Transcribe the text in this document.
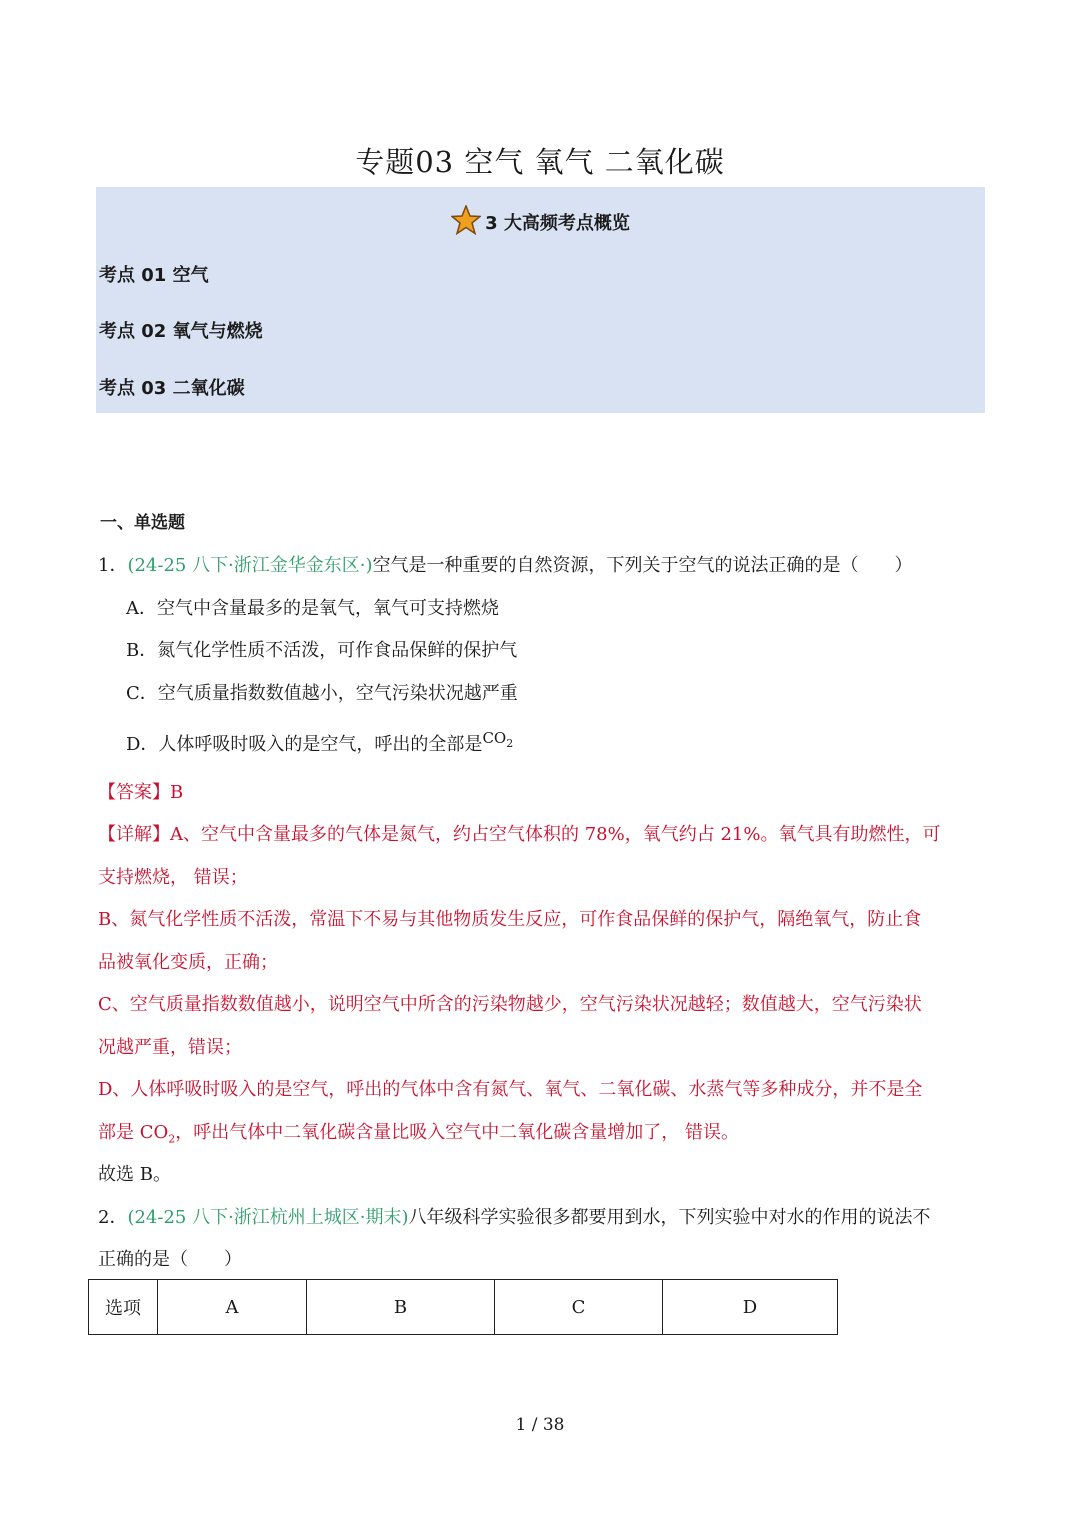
专题03 空气 氧气 二氧化碳
3 大高频考点概览
考点 01 空气
考点 02 氧气与燃烧
考点 03 二氧化碳
一、单选题
1．(24-25 八下·浙江金华金东区·)空气是一种重要的自然资源，下列关于空气的说法正确的是（　　）
A．空气中含量最多的是氧气，氧气可支持燃烧
B．氮气化学性质不活泼，可作食品保鲜的保护气
C．空气质量指数数值越小，空气污染状况越严重
D．人体呼吸时吸入的是空气，呼出的全部是$^{CO_2}$
【答案】B
【详解】A、空气中含量最多的气体是氮气，约占空气体积的 78%，氧气约占 21%。氧气具有助燃性，可
支持燃烧， 错误；
B、氮气化学性质不活泼，常温下不易与其他物质发生反应，可作食品保鲜的保护气，隔绝氧气，防止食
品被氧化变质，正确；
C、空气质量指数数值越小，说明空气中所含的污染物越少，空气污染状况越轻；数值越大，空气污染状
况越严重，错误；
D、人体呼吸时吸入的是空气，呼出的气体中含有氮气、氧气、二氧化碳、水蒸气等多种成分，并不是全
部是 $CO_2$，呼出气体中二氧化碳含量比吸入空气中二氧化碳含量增加了， 错误。
故选 B。
2．(24-25 八下·浙江杭州上城区·期末)八年级科学实验很多都要用到水，下列实验中对水的作用的说法不
正确的是（　　）
选项	A	B	C	D
1 / 38
